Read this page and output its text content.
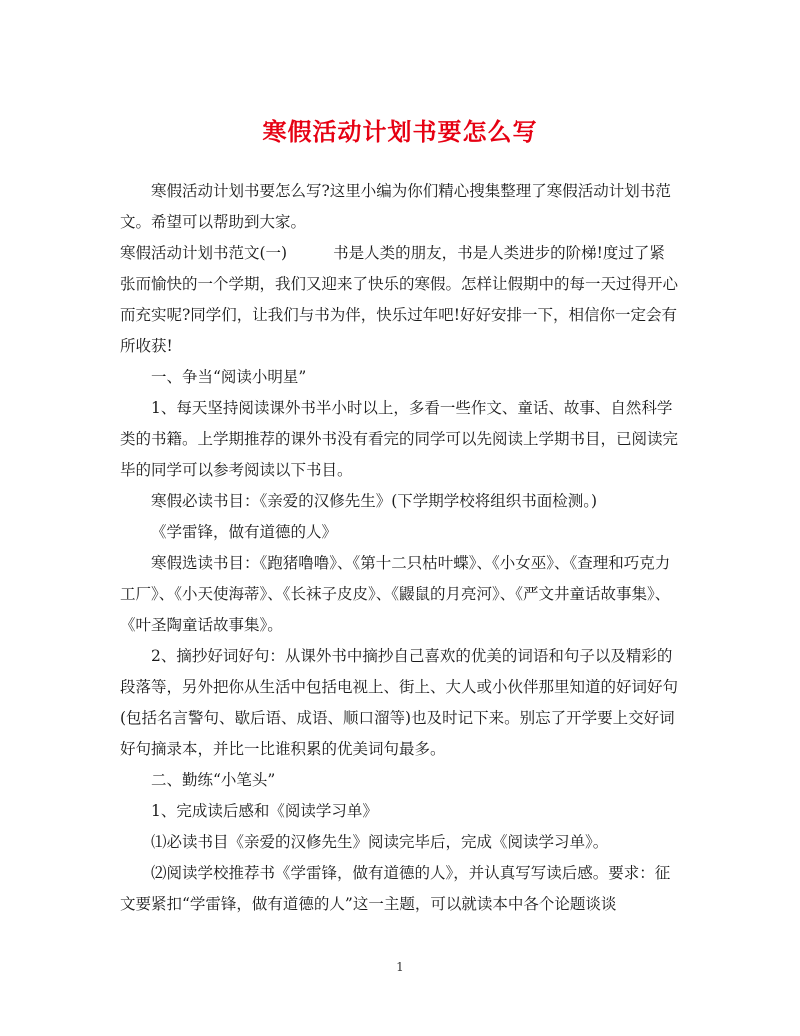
寒假活动计划书要怎么写

寒假活动计划书要怎么写?这里小编为你们精心搜集整理了寒假活动计划书范文。希望可以帮助到大家。

寒假活动计划书范文(一)	书是人类的朋友，书是人类进步的阶梯!度过了紧张而愉快的一个学期，我们又迎来了快乐的寒假。怎样让假期中的每一天过得开心而充实呢?同学们，让我们与书为伴，快乐过年吧!好好安排一下，相信你一定会有所收获!

一、争当“阅读小明星”

1、每天坚持阅读课外书半小时以上，多看一些作文、童话、故事、自然科学类的书籍。上学期推荐的课外书没有看完的同学可以先阅读上学期书目，已阅读完毕的同学可以参考阅读以下书目。

寒假必读书目：《亲爱的汉修先生》(下学期学校将组织书面检测。)

《学雷锋，做有道德的人》

寒假选读书目：《跑猪噜噜》、《第十二只枯叶蝶》、《小女巫》、《查理和巧克力工厂》、《小天使海蒂》、《长袜子皮皮》、《鼹鼠的月亮河》、《严文井童话故事集》、《叶圣陶童话故事集》。

2、摘抄好词好句：从课外书中摘抄自己喜欢的优美的词语和句子以及精彩的段落等，另外把你从生活中包括电视上、街上、大人或小伙伴那里知道的好词好句(包括名言警句、歇后语、成语、顺口溜等)也及时记下来。别忘了开学要上交好词好句摘录本，并比一比谁积累的优美词句最多。

二、勤练“小笔头”

1、完成读后感和《阅读学习单》

⑴必读书目《亲爱的汉修先生》阅读完毕后，完成《阅读学习单》。

⑵阅读学校推荐书《学雷锋，做有道德的人》，并认真写写读后感。要求：征文要紧扣“学雷锋，做有道德的人”这一主题，可以就读本中各个论题谈谈

1
